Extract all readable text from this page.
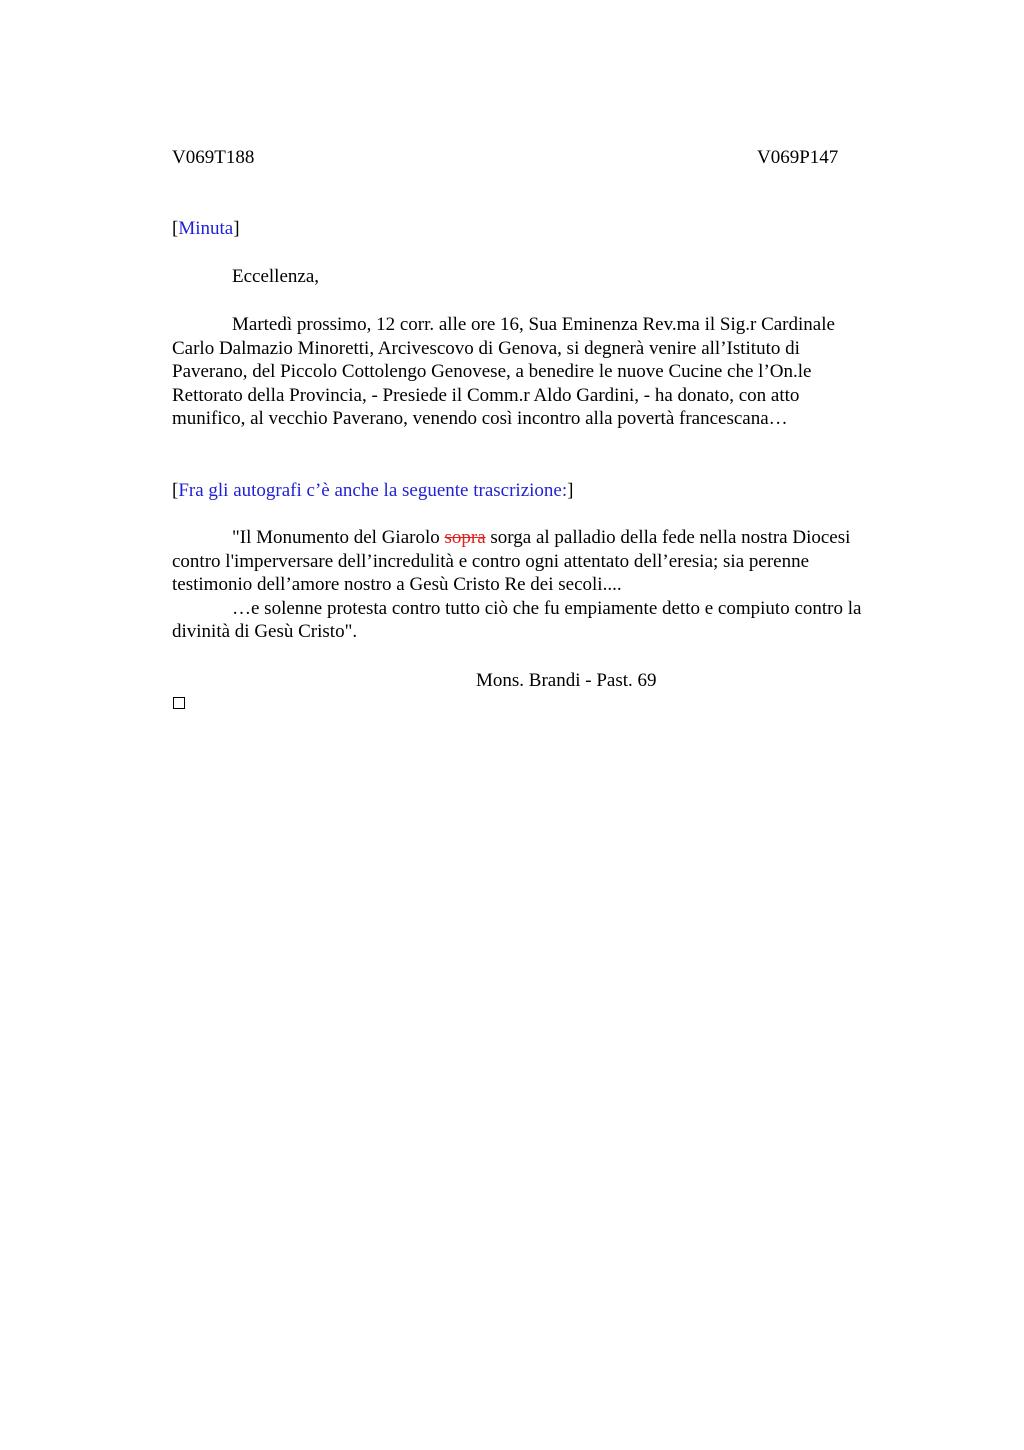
V069T188	V069P147
[Minuta]
Eccellenza,
Martedì prossimo, 12 corr. alle ore 16, Sua Eminenza Rev.ma il Sig.r Cardinale
Carlo Dalmazio Minoretti, Arcivescovo di Genova, si degnerà venire all’Istituto di
Paverano, del Piccolo Cottolengo Genovese, a benedire le nuove Cucine che l’On.le
Rettorato della Provincia, - Presiede il Comm.r Aldo Gardini, - ha donato, con atto
munifico, al vecchio Paverano, venendo così incontro alla povertà francescana…
[Fra gli autografi c’è anche la seguente trascrizione:]
"Il Monumento del Giarolo sopra sorga al palladio della fede nella nostra Diocesi
contro l'imperversare dell’incredulità e contro ogni attentato dell’eresia; sia perenne
testimonio dell’amore nostro a Gesù Cristo Re dei secoli....
…e solenne protesta contro tutto ciò che fu empiamente detto e compiuto contro la
divinità di Gesù Cristo".
Mons. Brandi - Past. 69
